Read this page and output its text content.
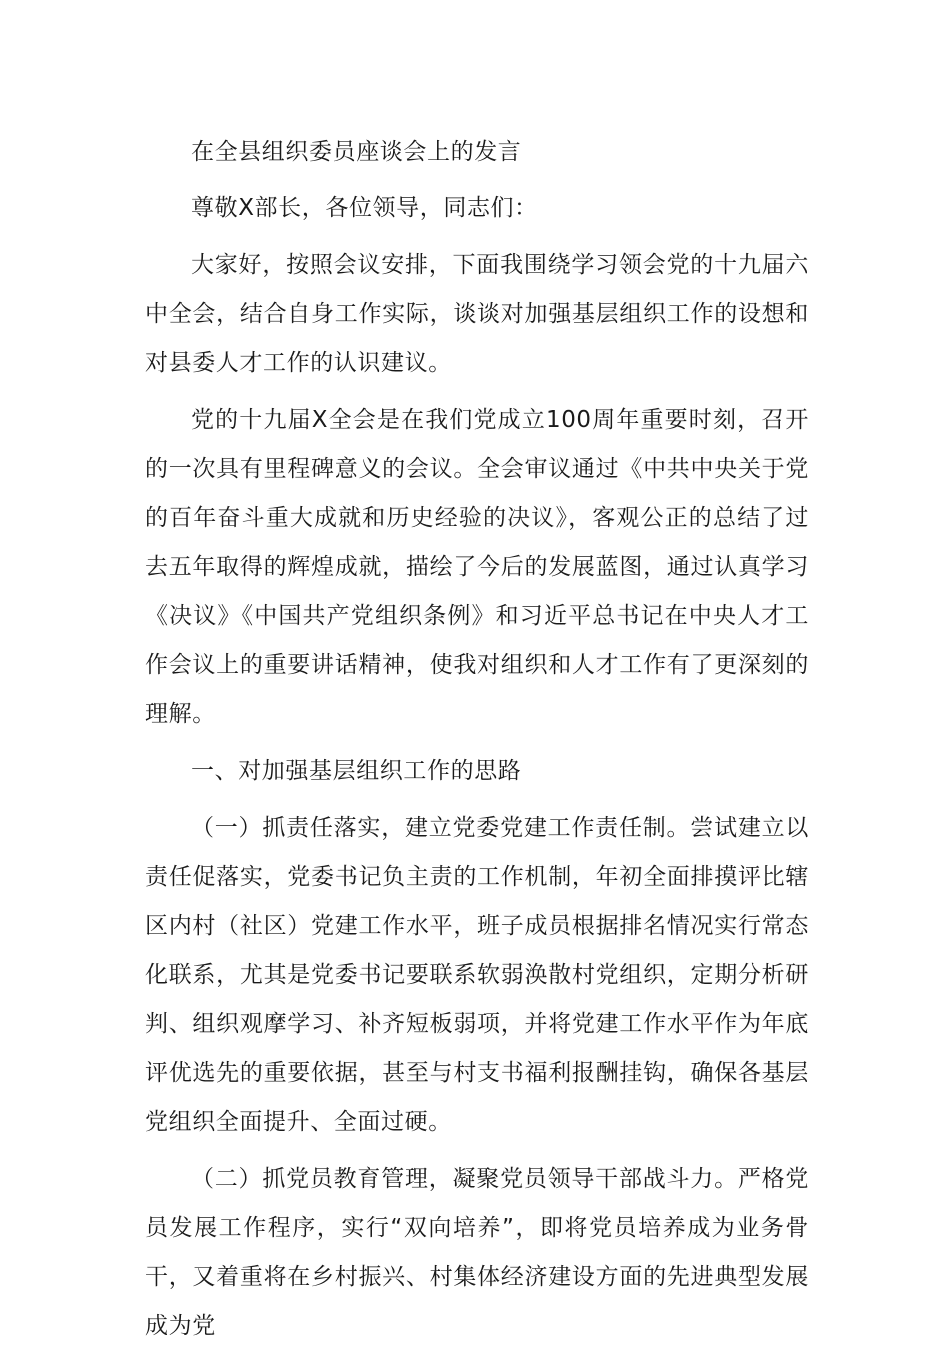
在全县组织委员座谈会上的发言

尊敬X部长，各位领导，同志们：

大家好，按照会议安排，下面我围绕学习领会党的十九届六中全会，结合自身工作实际，谈谈对加强基层组织工作的设想和对县委人才工作的认识建议。

党的十九届X全会是在我们党成立100周年重要时刻，召开的一次具有里程碑意义的会议。全会审议通过《中共中央关于党的百年奋斗重大成就和历史经验的决议》，客观公正的总结了过去五年取得的辉煌成就，描绘了今后的发展蓝图，通过认真学习《决议》《中国共产党组织条例》和习近平总书记在中央人才工作会议上的重要讲话精神，使我对组织和人才工作有了更深刻的理解。

一、对加强基层组织工作的思路

（一）抓责任落实，建立党委党建工作责任制。尝试建立以责任促落实，党委书记负主责的工作机制，年初全面排摸评比辖区内村（社区）党建工作水平，班子成员根据排名情况实行常态化联系，尤其是党委书记要联系软弱涣散村党组织，定期分析研判、组织观摩学习、补齐短板弱项，并将党建工作水平作为年底评优选先的重要依据，甚至与村支书福利报酬挂钩，确保各基层党组织全面提升、全面过硬。

（二）抓党员教育管理，凝聚党员领导干部战斗力。严格党员发展工作程序，实行“双向培养”，即将党员培养成为业务骨干，又着重将在乡村振兴、村集体经济建设方面的先进典型发展成为党
